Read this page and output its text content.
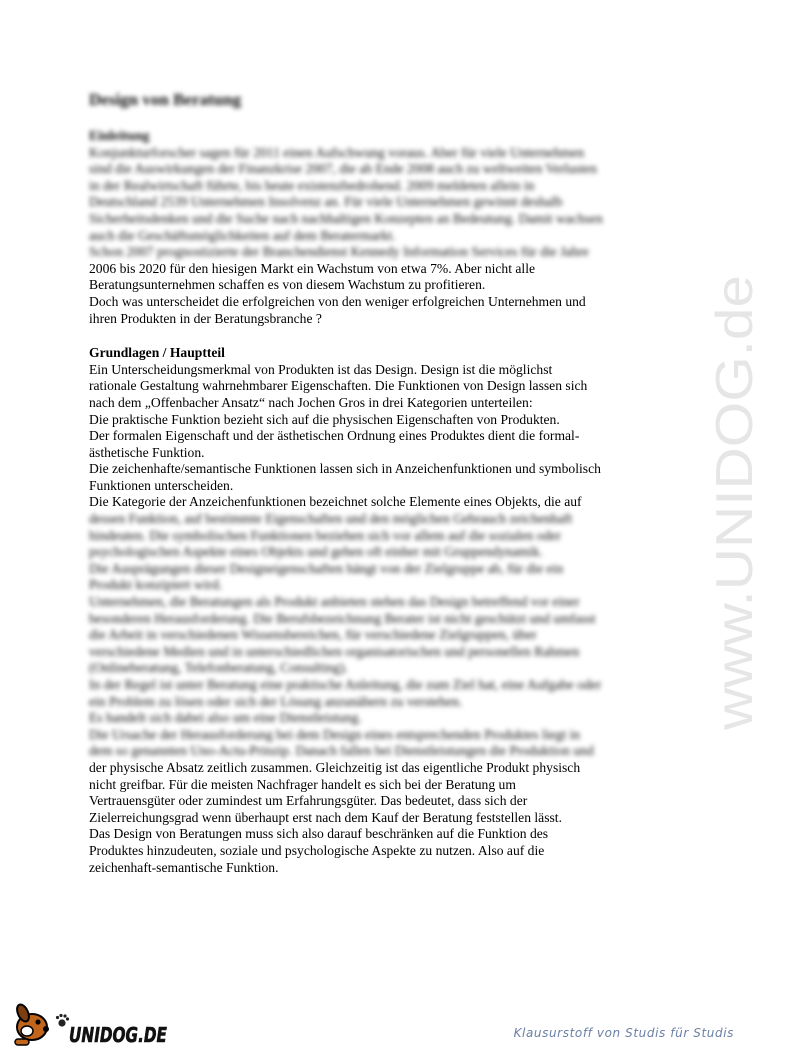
Design von Beratung
Einleitung
Konjunkturforscher sagen für 2011 einen Aufschwung voraus. Aber für viele Unternehmen
sind die Auswirkungen der Finanzkrise 2007, die ab Ende 2008 auch zu weltweiten Verlusten
in der Realwirtschaft führte, bis heute existenzbedrohend. 2009 meldeten allein in
Deutschland 2539 Unternehmen Insolvenz an. Für viele Unternehmen gewinnt deshalb
Sicherheitsdenken und die Suche nach nachhaltigen Konzepten an Bedeutung. Damit wachsen
auch die Geschäftsmöglichkeiten auf dem Beratermarkt.
Schon 2007 prognostizierte der Branchendienst Kennedy Information Services für die Jahre
2006 bis 2020 für den hiesigen Markt ein Wachstum von etwa 7%. Aber nicht alle
Beratungsunternehmen schaffen es von diesem Wachstum zu profitieren.
Doch was unterscheidet die erfolgreichen von den weniger erfolgreichen Unternehmen und
ihren Produkten in der Beratungsbranche ?
Grundlagen / Hauptteil
Ein Unterscheidungsmerkmal von Produkten ist das Design. Design ist die möglichst
rationale Gestaltung wahrnehmbarer Eigenschaften. Die Funktionen von Design lassen sich
nach dem „Offenbacher Ansatz“ nach Jochen Gros in drei Kategorien unterteilen:
Die praktische Funktion bezieht sich auf die physischen Eigenschaften von Produkten.
Der formalen Eigenschaft und der ästhetischen Ordnung eines Produktes dient die formal-
ästhetische Funktion.
Die zeichenhafte/semantische Funktionen lassen sich in Anzeichenfunktionen und symbolisch
Funktionen unterscheiden.
Die Kategorie der Anzeichenfunktionen bezeichnet solche Elemente eines Objekts, die auf
dessen Funktion, auf bestimmte Eigenschaften und den möglichen Gebrauch zeichenhaft
hindeuten. Die symbolischen Funktionen beziehen sich vor allem auf die sozialen oder
psychologischen Aspekte eines Objekts und gehen oft einher mit Gruppendynamik.
Die Ausprägungen dieser Designeigenschaften hängt von der Zielgruppe ab, für die ein
Produkt konzipiert wird.
Unternehmen, die Beratungen als Produkt anbieten stehen das Design betreffend vor einer
besonderen Herausforderung. Die Berufsbezeichnung Berater ist nicht geschützt und umfasst
die Arbeit in verschiedenen Wissensbereichen, für verschiedene Zielgruppen, über
verschiedene Medien und in unterschiedlichen organisatorischen und personellen Rahmen
(Onlineberatung, Telefonberatung, Consulting).
In der Regel ist unter Beratung eine praktische Anleitung, die zum Ziel hat, eine Aufgabe oder
ein Problem zu lösen oder sich der Lösung anzunähern zu verstehen.
Es handelt sich dabei also um eine Dienstleistung.
Die Ursache der Herausforderung bei dem Design eines entsprechenden Produktes liegt in
dem so genannten Uno-Actu-Prinzip. Danach fallen bei Dienstleistungen die Produktion und
der physische Absatz zeitlich zusammen. Gleichzeitig ist das eigentliche Produkt physisch
nicht greifbar. Für die meisten Nachfrager handelt es sich bei der Beratung um
Vertrauensgüter oder zumindest um Erfahrungsgüter. Das bedeutet, dass sich der
Zielerreichungsgrad wenn überhaupt erst nach dem Kauf der Beratung feststellen lässt.
Das Design von Beratungen muss sich also darauf beschränken auf die Funktion des
Produktes hinzudeuten, soziale und psychologische Aspekte zu nutzen. Also auf die
zeichenhaft-semantische Funktion.
www.UNIDOG.de
UNIDOG.DE	Klausurstoff von Studis für Studis
